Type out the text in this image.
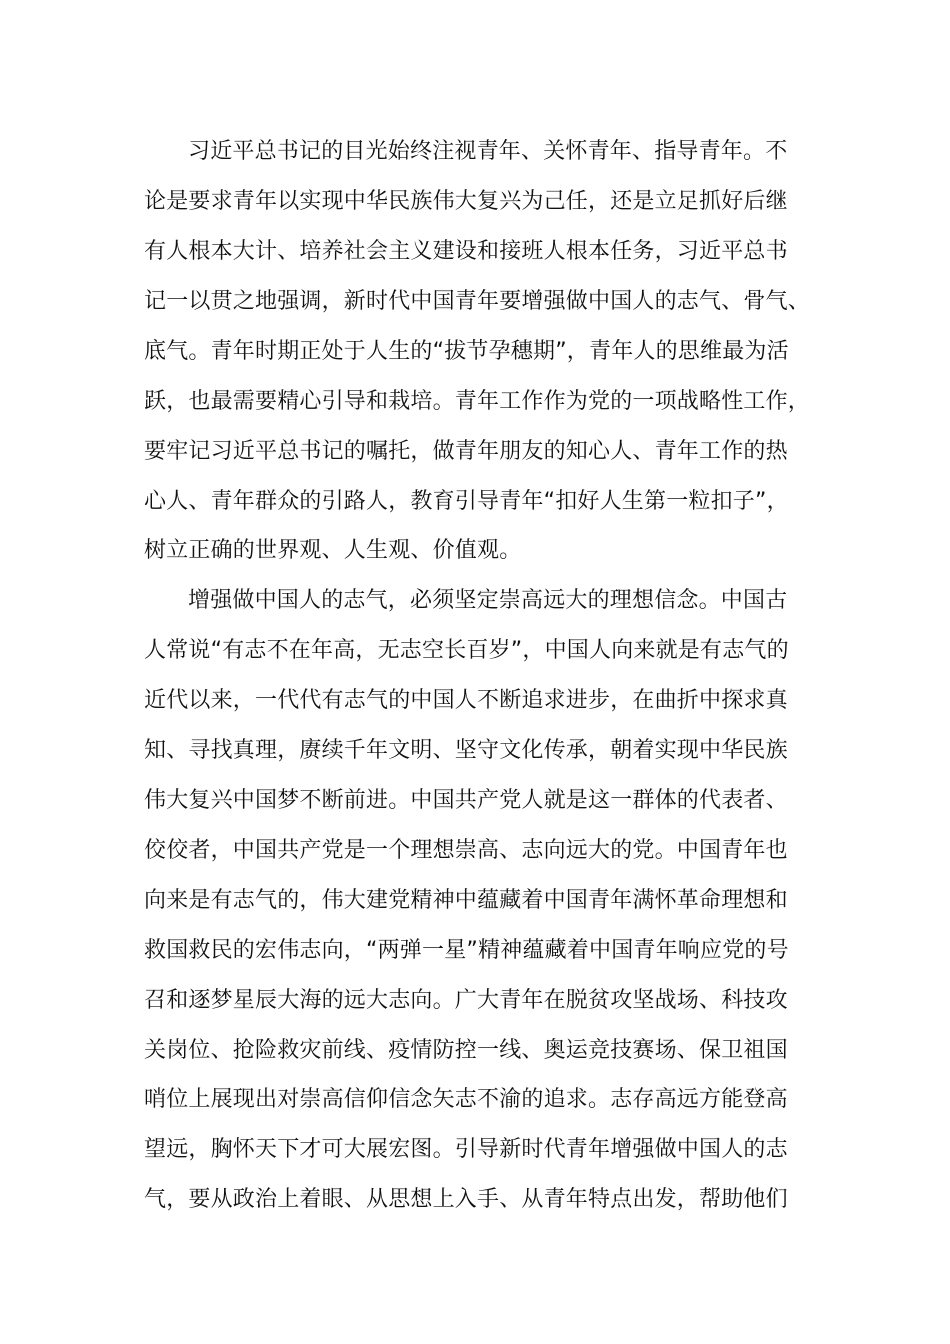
习近平总书记的目光始终注视青年、关怀青年、指导青年。不
论是要求青年以实现中华民族伟大复兴为己任，还是立足抓好后继
有人根本大计、培养社会主义建设和接班人根本任务，习近平总书
记一以贯之地强调，新时代中国青年要增强做中国人的志气、骨气、
底气。青年时期正处于人生的“拔节孕穗期”，青年人的思维最为活
跃，也最需要精心引导和栽培。青年工作作为党的一项战略性工作，
要牢记习近平总书记的嘱托，做青年朋友的知心人、青年工作的热
心人、青年群众的引路人，教育引导青年“扣好人生第一粒扣子”，
树立正确的世界观、人生观、价值观。
增强做中国人的志气，必须坚定崇高远大的理想信念。中国古
人常说“有志不在年高，无志空长百岁”，中国人向来就是有志气的
近代以来，一代代有志气的中国人不断追求进步，在曲折中探求真
知、寻找真理，赓续千年文明、坚守文化传承，朝着实现中华民族
伟大复兴中国梦不断前进。中国共产党人就是这一群体的代表者、
佼佼者，中国共产党是一个理想崇高、志向远大的党。中国青年也
向来是有志气的，伟大建党精神中蕴藏着中国青年满怀革命理想和
救国救民的宏伟志向，“两弹一星”精神蕴藏着中国青年响应党的号
召和逐梦星辰大海的远大志向。广大青年在脱贫攻坚战场、科技攻
关岗位、抢险救灾前线、疫情防控一线、奥运竞技赛场、保卫祖国
哨位上展现出对崇高信仰信念矢志不渝的追求。志存高远方能登高
望远，胸怀天下才可大展宏图。引导新时代青年增强做中国人的志
气，要从政治上着眼、从思想上入手、从青年特点出发，帮助他们
